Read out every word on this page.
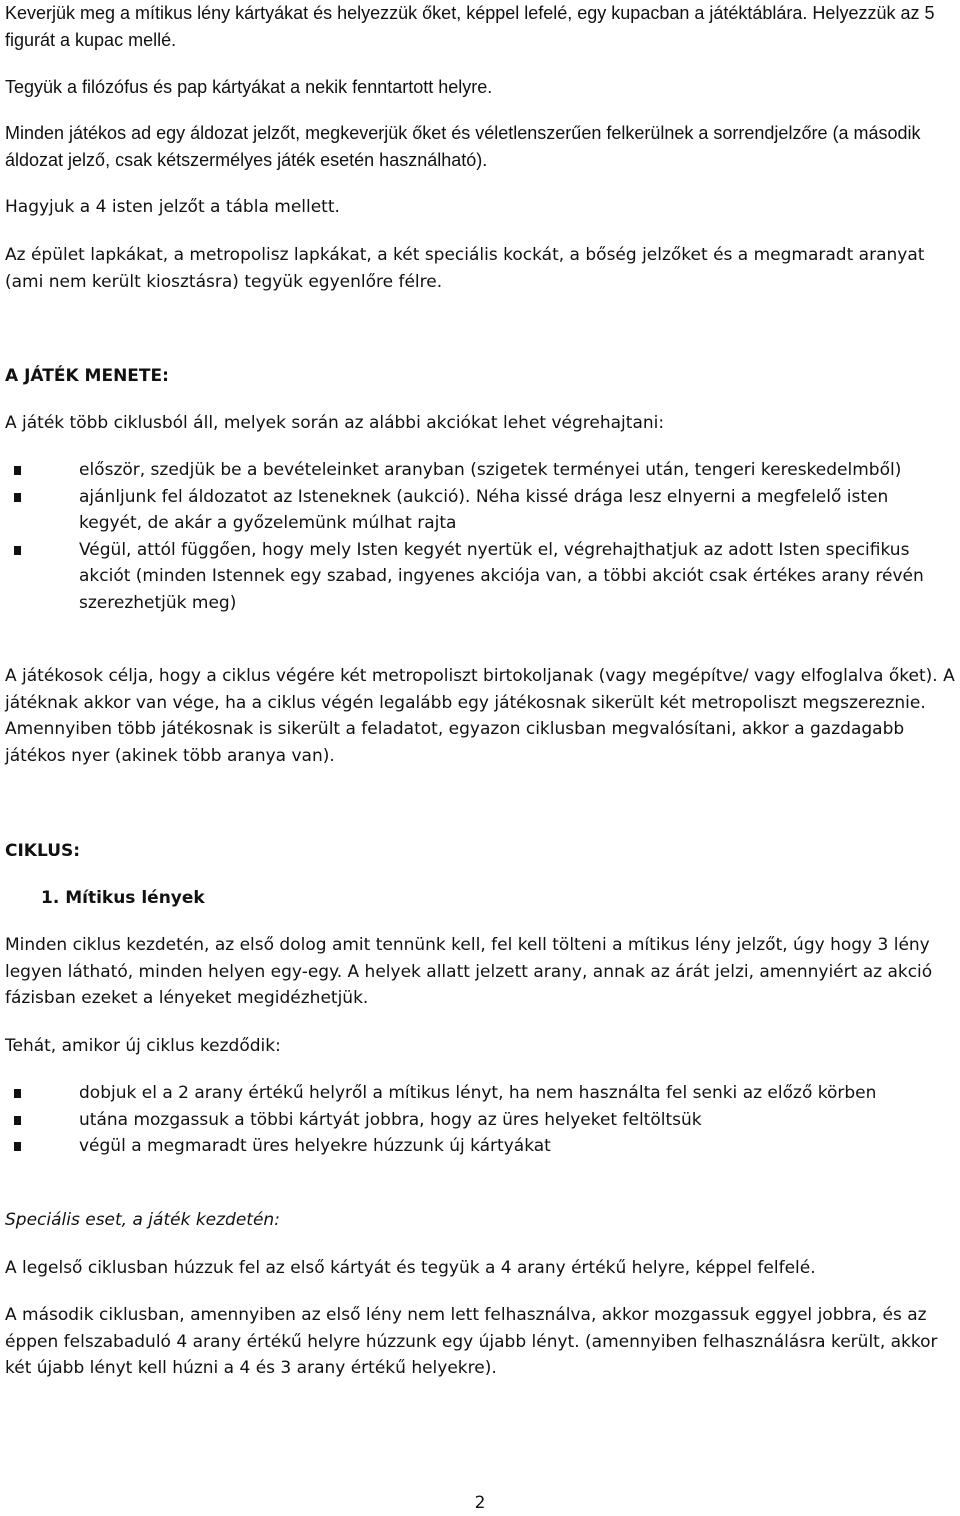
Keverjük meg a mítikus lény kártyákat és helyezzük őket, képpel lefelé, egy kupacban a játéktáblára. Helyezzük az 5 figurát a kupac mellé.

Tegyük a filózófus és pap kártyákat a nekik fenntartott helyre.

Minden játékos ad egy áldozat jelzőt, megkeverjük őket és véletlenszerűen felkerülnek a sorrendjelzőre (a második áldozat jelző, csak kétszermélyes játék esetén használható).

Hagyjuk a 4 isten jelzőt a tábla mellett.

Az épület lapkákat, a metropolisz lapkákat, a két speciális kockát, a bőség jelzőket és a megmaradt aranyat (ami nem került kiosztásra) tegyük egyenlőre félre.

A JÁTÉK MENETE:

A játék több ciklusból áll, melyek során az alábbi akciókat lehet végrehajtani:

először, szedjük be a bevételeinket aranyban (szigetek terményei után, tengeri kereskedelmből)
ajánljunk fel áldozatot az Isteneknek (aukció). Néha kissé drága lesz elnyerni a megfelelő isten kegyét, de akár a győzelemünk múlhat rajta
Végül, attól függően, hogy mely Isten kegyét nyertük el, végrehajthatjuk az adott Isten specifikus akciót (minden Istennek egy szabad, ingyenes akciója van, a többi akciót csak értékes arany révén szerezhetjük meg)

A játékosok célja, hogy a ciklus végére két metropoliszt birtokoljanak (vagy megépítve/ vagy elfoglalva őket). A játéknak akkor van vége, ha a ciklus végén legalább egy játékosnak sikerült két metropoliszt megszereznie. Amennyiben több játékosnak is sikerült a feladatot, egyazon ciklusban megvalósítani, akkor a gazdagabb játékos nyer (akinek több aranya van).

CIKLUS:

1. Mítikus lények

Minden ciklus kezdetén, az első dolog amit tennünk kell, fel kell tölteni a mítikus lény jelzőt, úgy hogy 3 lény legyen látható, minden helyen egy-egy. A helyek allatt jelzett arany, annak az árát jelzi, amennyiért az akció fázisban ezeket a lényeket megidézhetjük.

Tehát, amikor új ciklus kezdődik:

dobjuk el a 2 arany értékű helyről a mítikus lényt, ha nem használta fel senki az előző körben
utána mozgassuk a többi kártyát jobbra, hogy az üres helyeket feltöltsük
végül a megmaradt üres helyekre húzzunk új kártyákat

Speciális eset, a játék kezdetén:

A legelső ciklusban húzzuk fel az első kártyát és tegyük a 4 arany értékű helyre, képpel felfelé.

A második ciklusban, amennyiben az első lény nem lett felhasználva, akkor mozgassuk eggyel jobbra, és az éppen felszabaduló 4 arany értékű helyre húzzunk egy újabb lényt. (amennyiben felhasználásra került, akkor két újabb lényt kell húzni a 4 és 3 arany értékű helyekre).

2
